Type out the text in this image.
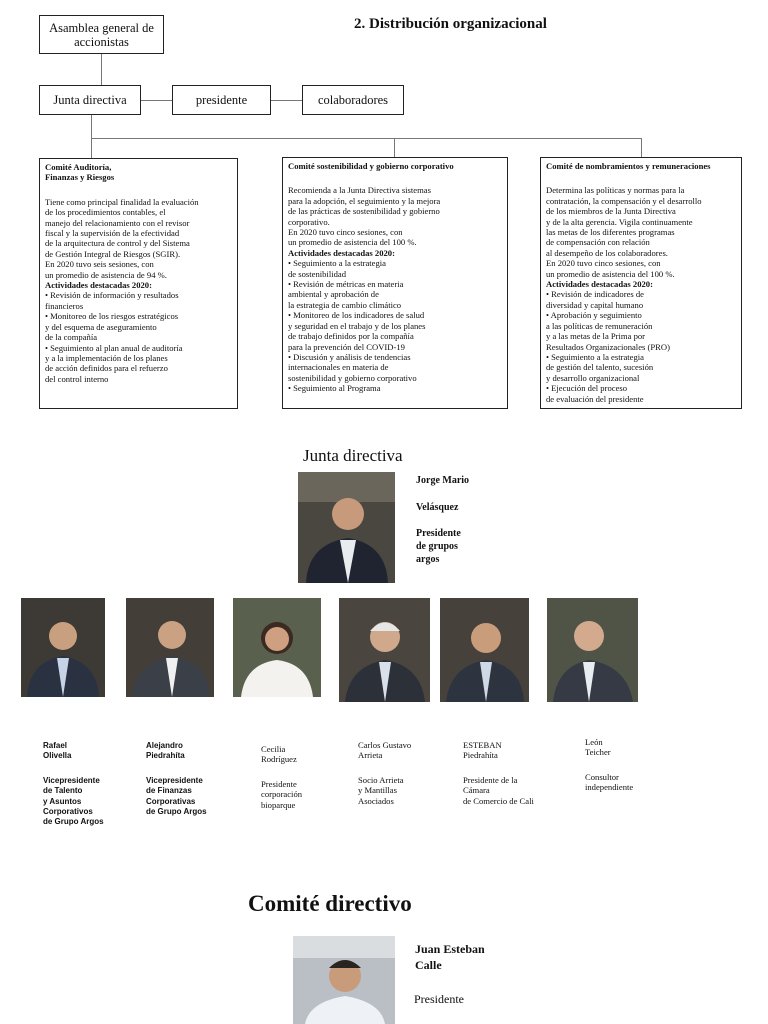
2. Distribución organizacional
Asamblea general de accionistas
Junta directiva	presidente	colaboradores
Comité Auditoría,
Finanzas y Riesgos

Tiene como principal finalidad la evaluación
de los procedimientos contables, el
manejo del relacionamiento con el revisor
fiscal y la supervisión de la efectividad
de la arquitectura de control y del Sistema
de Gestión Integral de Riesgos (SGIR).
En 2020 tuvo seis sesiones, con
un promedio de asistencia de 94 %.

Actividades destacadas 2020:
• Revisión de información y resultados
financieros
• Monitoreo de los riesgos estratégicos
y del esquema de aseguramiento
de la compañía
• Seguimiento al plan anual de auditoría
y a la implementación de los planes
de acción definidos para el refuerzo
del control interno
Comité sostenibilidad y gobierno corporativo

Recomienda a la Junta Directiva sistemas
para la adopción, el seguimiento y la mejora
de las prácticas de sostenibilidad y gobierno
corporativo.
En 2020 tuvo cinco sesiones, con
un promedio de asistencia del 100 %.

Actividades destacadas 2020:
• Seguimiento a la estrategia
de sostenibilidad
• Revisión de métricas en materia
ambiental y aprobación de
la estrategia de cambio climático
• Monitoreo de los indicadores de salud
y seguridad en el trabajo y de los planes
de trabajo definidos por la compañía
para la prevención del COVID-19
• Discusión y análisis de tendencias
internacionales en materia de
sostenibilidad y gobierno corporativo
• Seguimiento al Programa
Comité de nombramientos y remuneraciones

Determina las políticas y normas para la
contratación, la compensación y el desarrollo
de los miembros de la Junta Directiva
y de la alta gerencia. Vigila continuamente
las metas de los diferentes programas
de compensación con relación
al desempeño de los colaboradores.
En 2020 tuvo cinco sesiones, con
un promedio de asistencia del 100 %.

Actividades destacadas 2020:
• Revisión de indicadores de
diversidad y capital humano
• Aprobación y seguimiento
a las políticas de remuneración
y a las metas de la Prima por
Resultados Organizacionales (PRO)
• Seguimiento a la estrategia
de gestión del talento, sucesión
y desarrollo organizacional
• Ejecución del proceso
de evaluación del presidente
Junta directiva
Jorge Mario
Velásquez
Presidente
de grupos
argos
Rafael
Olivella
Vicepresidente
de Talento
y Asuntos
Corporativos
de Grupo Argos
Alejandro
Piedrahíta
Vicepresidente
de Finanzas
Corporativas
de Grupo Argos
Cecilia
Rodríguez
Presidente
corporación
bioparque
Carlos Gustavo
Arrieta
Socio Arrieta
y Mantillas
Asociados
ESTEBAN
Piedrahíta
Presidente de la
Cámara
de Comercio de Cali
León
Teicher
Consultor
independiente
Comité directivo
Juan Esteban
Calle
Presidente
